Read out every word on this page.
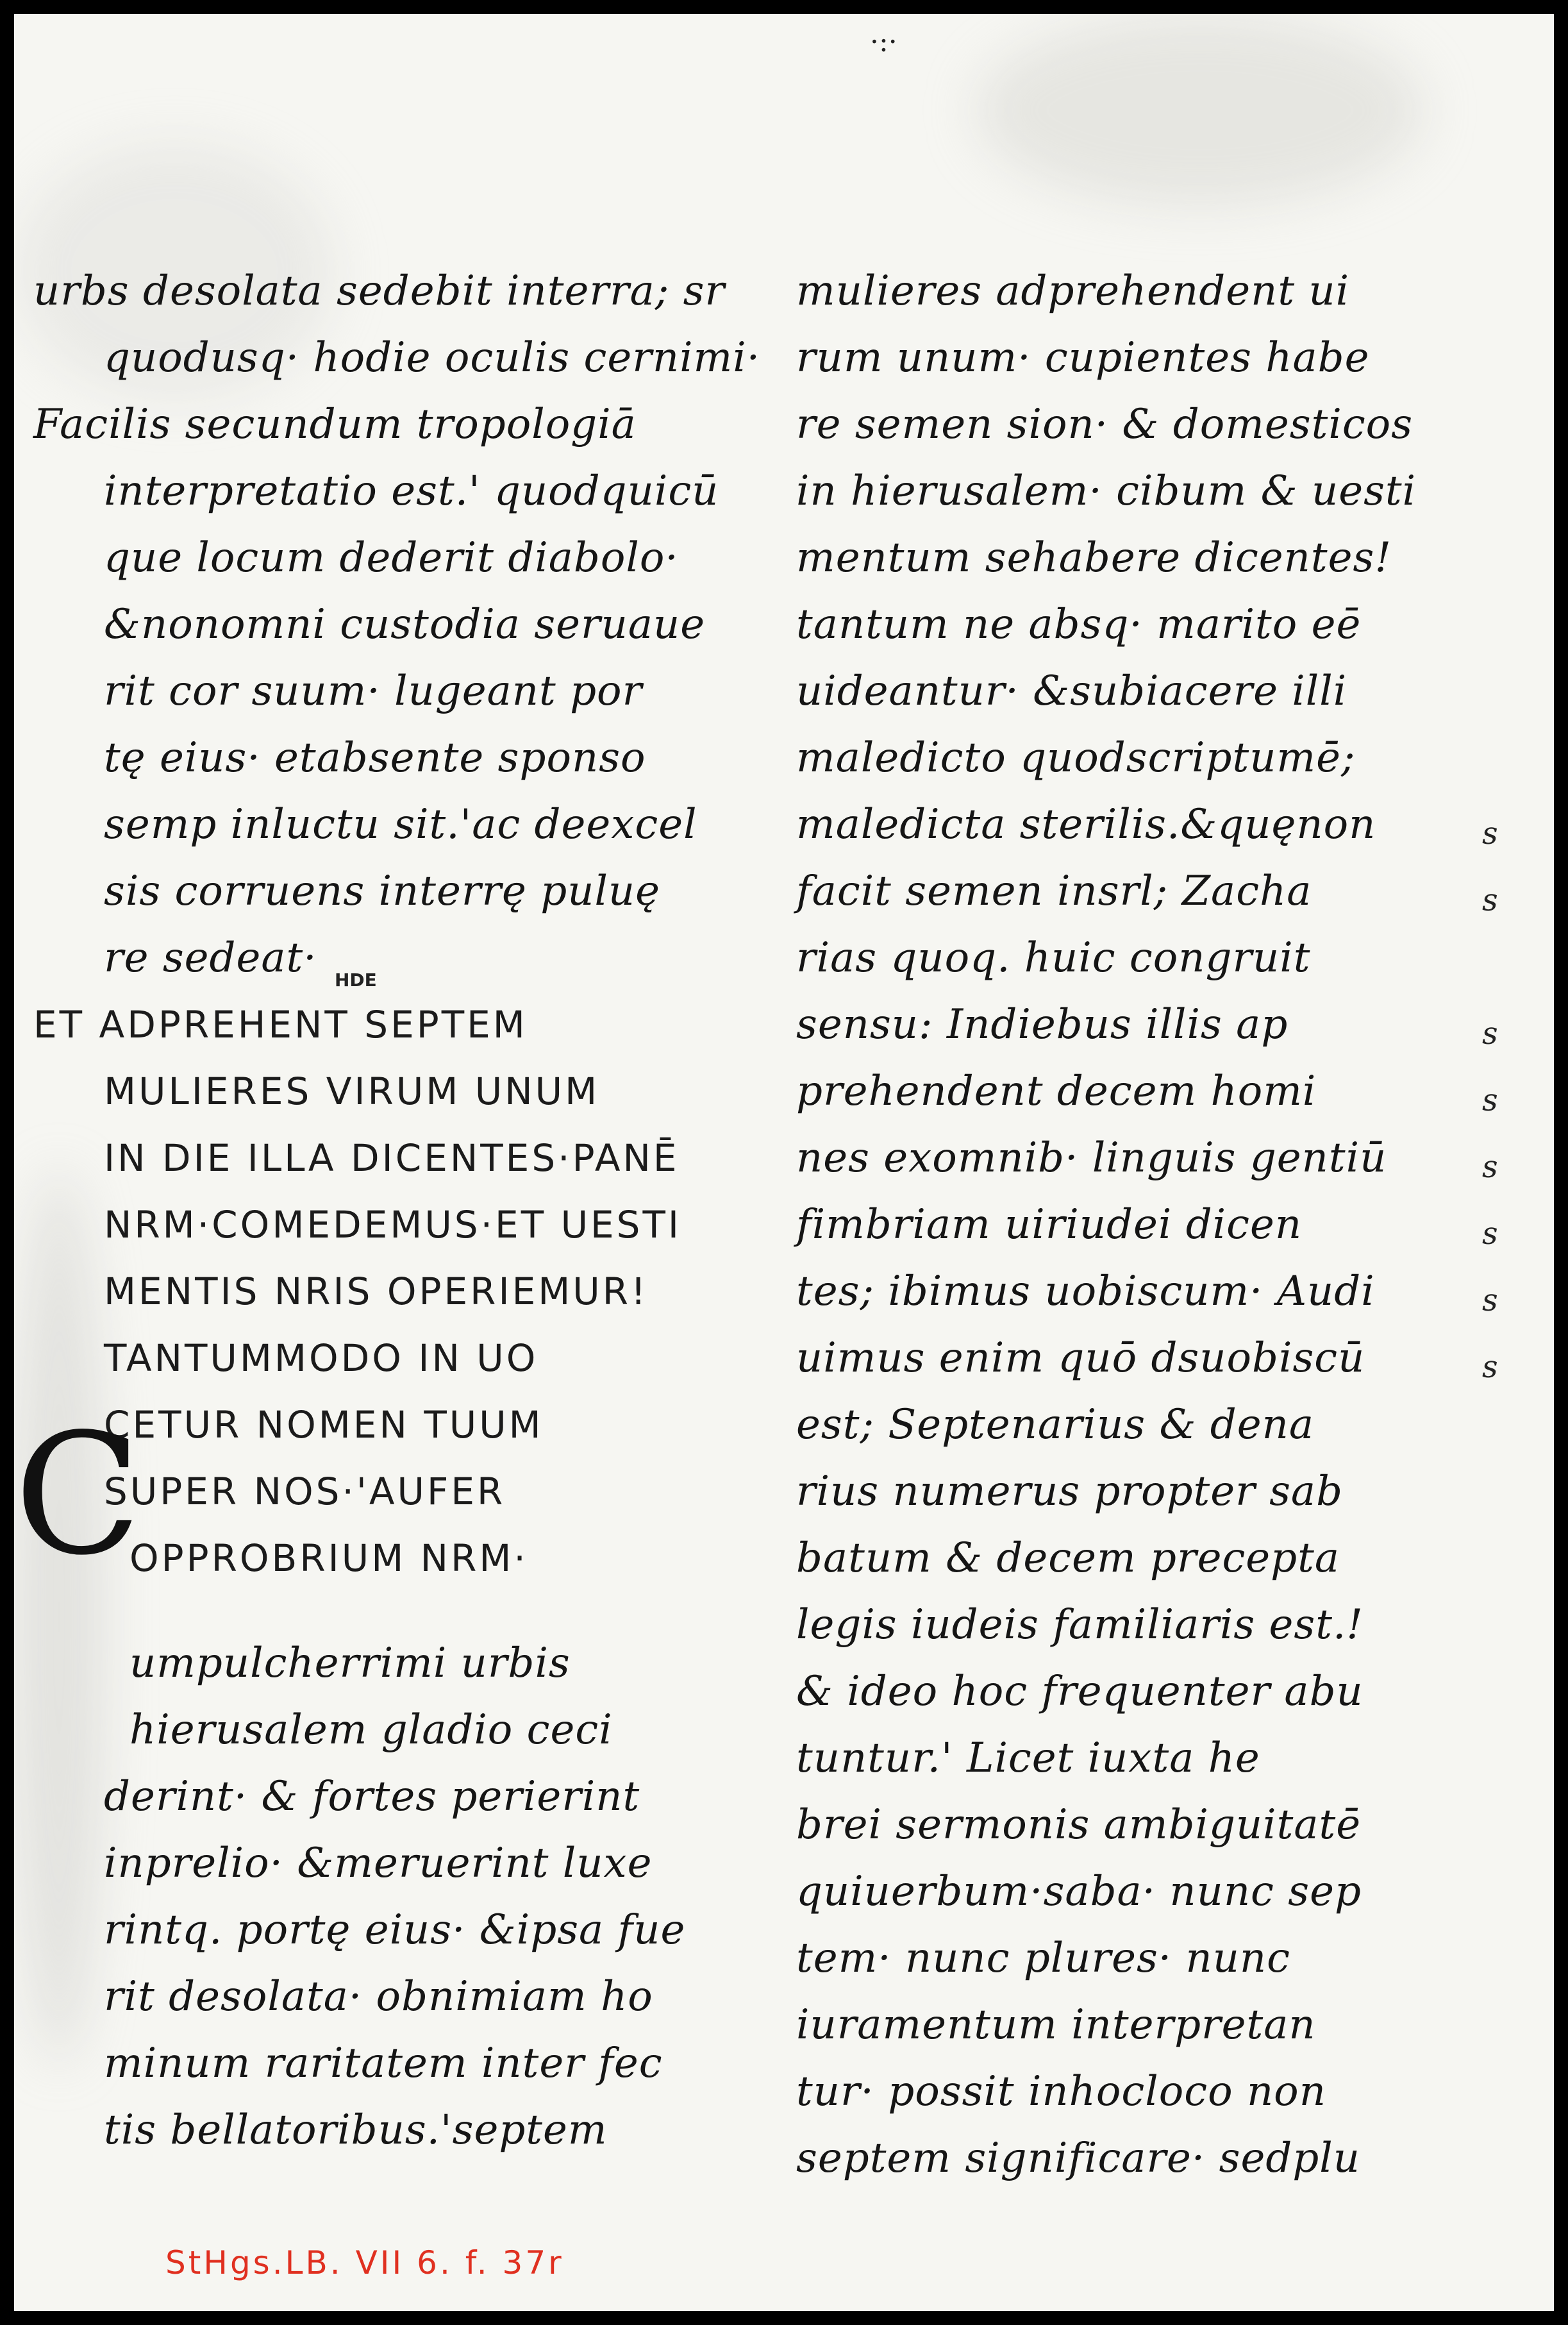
·:·
urbs desolata sedebit interra; sr
quodusq· hodie oculis cernimi·
Facilis secundum tropologiā
interpretatio est.' quodquicū
que locum dederit diabolo·
&nonomni custodia seruaue
rit cor suum· lugeant por
tę eius· etabsente sponso
semp inluctu sit.'ac deexcel
sis corruens interrę puluę
re sedeat·
ET ADPREHENT SEPTEM
MULIERES VIRUM UNUM
IN DIE ILLA DICENTES·PANĒ
NRM·COMEDEMUS·ET UESTI
MENTIS NRIS OPERIEMUR!
TANTUMMODO IN UO
CETUR NOMEN TUUM
SUPER NOS·'AUFER
OPPROBRIUM NRM·
umpulcherrimi urbis
hierusalem gladio ceci
derint· & fortes perierint
inprelio· &meruerint luxe
rintq. portę eius· &ipsa fue
rit desolata· obnimiam ho
minum raritatem inter fec
tis bellatoribus.'septem
HDE
C
mulieres adprehendent ui
rum unum· cupientes habe
re semen sion· & domesticos
in hierusalem· cibum & uesti
mentum sehabere dicentes!
tantum ne absq· marito eē
uideantur· &subiacere illi
maledicto quodscriptumē;
maledicta sterilis.&quęnon
facit semen insrl; Zacha
rias quoq. huic congruit
sensu: Indiebus illis ap
prehendent decem homi
nes exomnib· linguis gentiū
fimbriam uiriudei dicen
tes; ibimus uobiscum· Audi
uimus enim quō dsuobiscū
est; Septenarius & dena
rius numerus propter sab
batum & decem precepta
legis iudeis familiaris est.!
& ideo hoc frequenter abu
tuntur.' Licet iuxta he
brei sermonis ambiguitatē
quiuerbum·saba· nunc sep
tem· nunc plures· nunc
iuramentum interpretan
tur· possit inhocloco non
septem significare· sedplu
s
s
s
s
s
s
s
s
StHgs.LB. VII 6. f. 37r
